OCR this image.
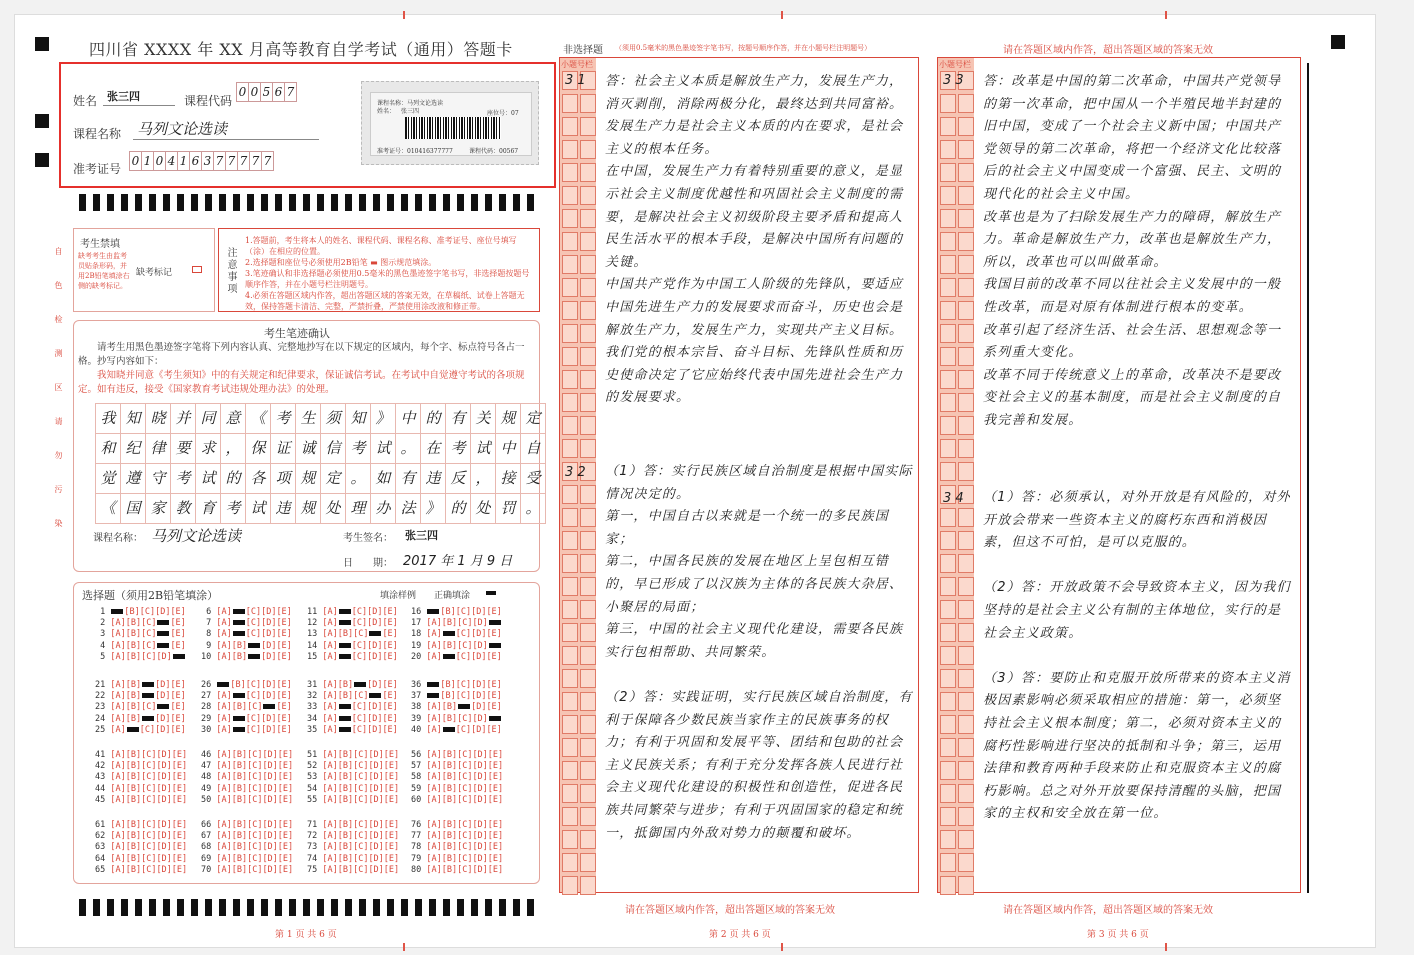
四川省 XXXX 年 XX 月高等教育自学考试（通用）答题卡
姓名 张三四	课程代码
0 0 5 6 7
课程名称 马列文论选读
准考证号
0 1 0 4 1 6 3 7 7 7 7 7
课程名称：马列文论选读
姓名： 张三四	座位号：07
准考证号：010416377777	课程代码：00567
考生禁填
缺考考生由监考员贴条形码，并用2B铅笔填涂右侧的缺考标记。
缺考标记	注意事项
1.答题前，考生将本人的姓名、课程代码、课程名称、准考证号、座位号填写（涂）在相应的位置。
2.选择题和座位号必须使用2B铅笔 ▬ 图示规范填涂。
3.笔迹确认和非选择题必须使用0.5毫米的黑色墨迹签字笔书写，非选择题按题号顺序作答，并在小题号栏注明题号。
4.必须在答题区域内作答，超出答题区域的答案无效，在草稿纸、试卷上答题无效，保持答题卡清洁、完整，严禁折叠，严禁使用涂改液和修正带。
自色检测区请勿污染	考生笔迹确认
请考生用黑色墨迹签字笔将下列内容认真、完整地抄写在以下规定的区域内，每个字、标点符号各占一格。抄写内容如下：
我知晓并同意《考生须知》中的有关规定和纪律要求，保证诚信考试。在考试中自觉遵守考试的各项规定。如有违反，接受《国家教育考试违规处理办法》的处理。
我 知 晓 并 同 意 《 考 生 须 知 》 中 的 有 关 规 定
和 纪 律 要 求 ， 保 证 诚 信 考 试 。 在 考 试 中 自
觉 遵 守 考 试 的 各 项 规 定 。 如 有 违 反 ， 接 受
《 国 家 教 育 考 试 违 规 处 理 办 法 》 的 处 罚 。
课程名称： 马列文论选读	考生签名： 张三四
日　　期： 2017 年 1 月 9 日
选择题（须用2B铅笔填涂）	填涂样例 正确填涂
1 [B][C][D][E]
2 [A][B][C] [E]
3 [A][B][C] [E]
4 [A][B][C] [E]
5 [A][B][C][D]
6 [A] [C][D][E]
7 [A] [C][D][E]
8 [A] [C][D][E]
9 [A][B] [D][E]
10 [A][B] [D][E]
11 [A] [C][D][E]
12 [A] [C][D][E]
13 [A][B][C] [E]
14 [A] [C][D][E]
15 [A] [C][D][E]
16 [B][C][D][E]
17 [A][B][C][D]
18 [A] [C][D][E]
19 [A][B][C][D]
20 [A] [C][D][E]
21 [A][B] [D][E]
22 [A][B] [D][E]
23 [A][B][C] [E]
24 [A][B] [D][E]
25 [A] [C][D][E]
26 [B][C][D][E]
27 [A] [C][D][E]
28 [A][B][C] [E]
29 [A] [C][D][E]
30 [A] [C][D][E]
31 [A][B] [D][E]
32 [A][B][C] [E]
33 [A] [C][D][E]
34 [A] [C][D][E]
35 [A] [C][D][E]
36 [B][C][D][E]
37 [B][C][D][E]
38 [A][B] [D][E]
39 [A][B][C][D]
40 [A] [C][D][E]
41 [A][B][C][D][E]
42 [A][B][C][D][E]
43 [A][B][C][D][E]
44 [A][B][C][D][E]
45 [A][B][C][D][E]
46 [A][B][C][D][E]
47 [A][B][C][D][E]
48 [A][B][C][D][E]
49 [A][B][C][D][E]
50 [A][B][C][D][E]
51 [A][B][C][D][E]
52 [A][B][C][D][E]
53 [A][B][C][D][E]
54 [A][B][C][D][E]
55 [A][B][C][D][E]
56 [A][B][C][D][E]
57 [A][B][C][D][E]
58 [A][B][C][D][E]
59 [A][B][C][D][E]
60 [A][B][C][D][E]
61 [A][B][C][D][E]
62 [A][B][C][D][E]
63 [A][B][C][D][E]
64 [A][B][C][D][E]
65 [A][B][C][D][E]
66 [A][B][C][D][E]
67 [A][B][C][D][E]
68 [A][B][C][D][E]
69 [A][B][C][D][E]
70 [A][B][C][D][E]
71 [A][B][C][D][E]
72 [A][B][C][D][E]
73 [A][B][C][D][E]
74 [A][B][C][D][E]
75 [A][B][C][D][E]
76 [A][B][C][D][E]
77 [A][B][C][D][E]
78 [A][B][C][D][E]
79 [A][B][C][D][E]
80 [A][B][C][D][E]
第 1 页 共 6 页
非选择题 （须用0.5毫米的黑色墨迹签字笔书写，按题号顺序作答，并在小题号栏注明题号）
小题号栏
3 1 答：社会主义本质是解放生产力，发展生产力，消灭剥削，消除两极分化，最终达到共同富裕。
发展生产力是社会主义本质的内在要求，是社会主义的根本任务。
在中国，发展生产力有着特别重要的意义，是显示社会主义制度优越性和巩固社会主义制度的需要，是解决社会主义初级阶段主要矛盾和提高人民生活水平的根本手段，是解决中国所有问题的关键。
中国共产党作为中国工人阶级的先锋队，要适应中国先进生产力的发展要求而奋斗，历史也会是解放生产力，发展生产力，实现共产主义目标。我们党的根本宗旨、奋斗目标、先锋队性质和历史使命决定了它应始终代表中国先进社会生产力的发展要求。
3 2 （1）答：实行民族区域自治制度是根据中国实际情况决定的。
第一，中国自古以来就是一个统一的多民族国家；
第二，中国各民族的发展在地区上呈包相互错的，早已形成了以汉族为主体的各民族大杂居、小聚居的局面；
第三，中国的社会主义现代化建设，需要各民族实行包相帮助、共同繁荣。

（2）答：实践证明，实行民族区域自治制度，有利于保障各少数民族当家作主的民族事务的权力；有利于巩固和发展平等、团结和包助的社会主义民族关系；有利于充分发挥各族人民进行社会主义现代化建设的积极性和创造性，促进各民族共同繁荣与进步；有利于巩固国家的稳定和统一，抵御国内外敌对势力的颠覆和破坏。
请在答题区域内作答，超出答题区域的答案无效
第 2 页 共 6 页
请在答题区域内作答，超出答题区域的答案无效
小题号栏
3 3 答：改革是中国的第二次革命，中国共产党领导的第一次革命，把中国从一个半殖民地半封建的旧中国，变成了一个社会主义新中国；中国共产党领导的第二次革命，将把一个经济文化比较落后的社会主义中国变成一个富强、民主、文明的现代化的社会主义中国。
改革也是为了扫除发展生产力的障碍，解放生产力。革命是解放生产力，改革也是解放生产力，所以，改革也可以叫做革命。
我国目前的改革不同以往社会主义发展中的一般性改革，而是对原有体制进行根本的变革。
改革引起了经济生活、社会生活、思想观念等一系列重大变化。
改革不同于传统意义上的革命，改革决不是要改变社会主义的基本制度，而是社会主义制度的自我完善和发展。
3 4 （1）答：必须承认，对外开放是有风险的，对外开放会带来一些资本主义的腐朽东西和消极因素，但这不可怕，是可以克服的。

（2）答：开放政策不会导致资本主义，因为我们坚持的是社会主义公有制的主体地位，实行的是社会主义政策。

（3）答：要防止和克服开放所带来的资本主义消极因素影响必须采取相应的措施：第一，必须坚持社会主义根本制度；第二，必须对资本主义的腐朽性影响进行坚决的抵制和斗争；第三，运用法律和教育两种手段来防止和克服资本主义的腐朽影响。总之对外开放要保持清醒的头脑，把国家的主权和安全放在第一位。
请在答题区域内作答，超出答题区域的答案无效
第 3 页 共 6 页
